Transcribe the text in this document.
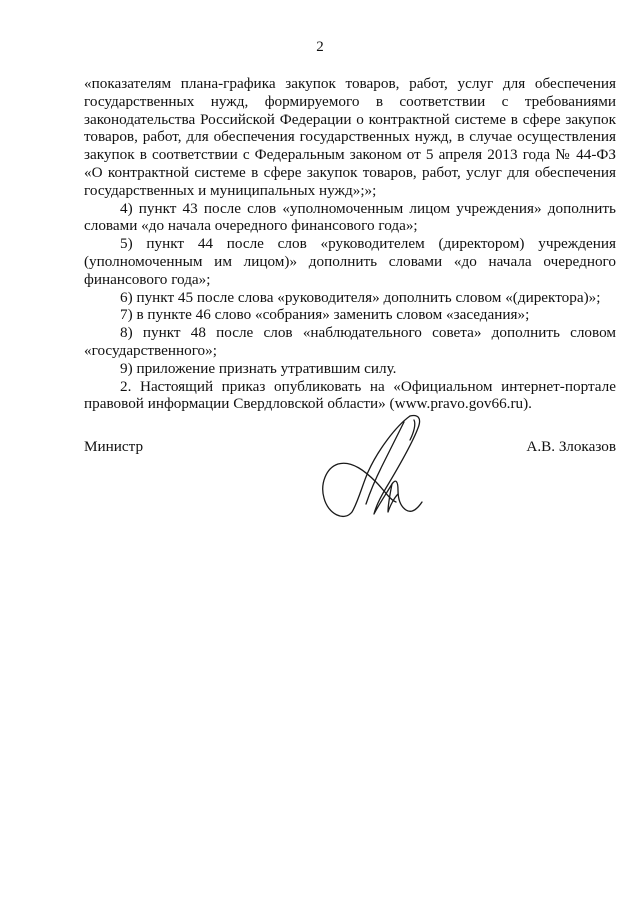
2

«показателям плана-графика закупок товаров, работ, услуг для обеспечения государственных нужд, формируемого в соответствии с требованиями законодательства Российской Федерации о контрактной системе в сфере закупок товаров, работ, для обеспечения государственных нужд, в случае осуществления закупок в соответствии с Федеральным законом от 5 апреля 2013 года № 44-ФЗ «О контрактной системе в сфере закупок товаров, работ, услуг для обеспечения государственных и муниципальных нужд»;»;

4) пункт 43 после слов «уполномоченным лицом учреждения» дополнить словами «до начала очередного финансового года»;

5) пункт 44 после слов «руководителем (директором) учреждения (уполномоченным им лицом)» дополнить словами «до начала очередного финансового года»;

6) пункт 45 после слова «руководителя» дополнить словом «(директора)»;

7) в пункте 46 слово «собрания» заменить словом «заседания»;

8) пункт 48 после слов «наблюдательного совета» дополнить словом «государственного»;

9) приложение признать утратившим силу.

2. Настоящий приказ опубликовать на «Официальном интернет-портале правовой информации Свердловской области» (www.pravo.gov66.ru).

Министр	А.В. Злоказов
